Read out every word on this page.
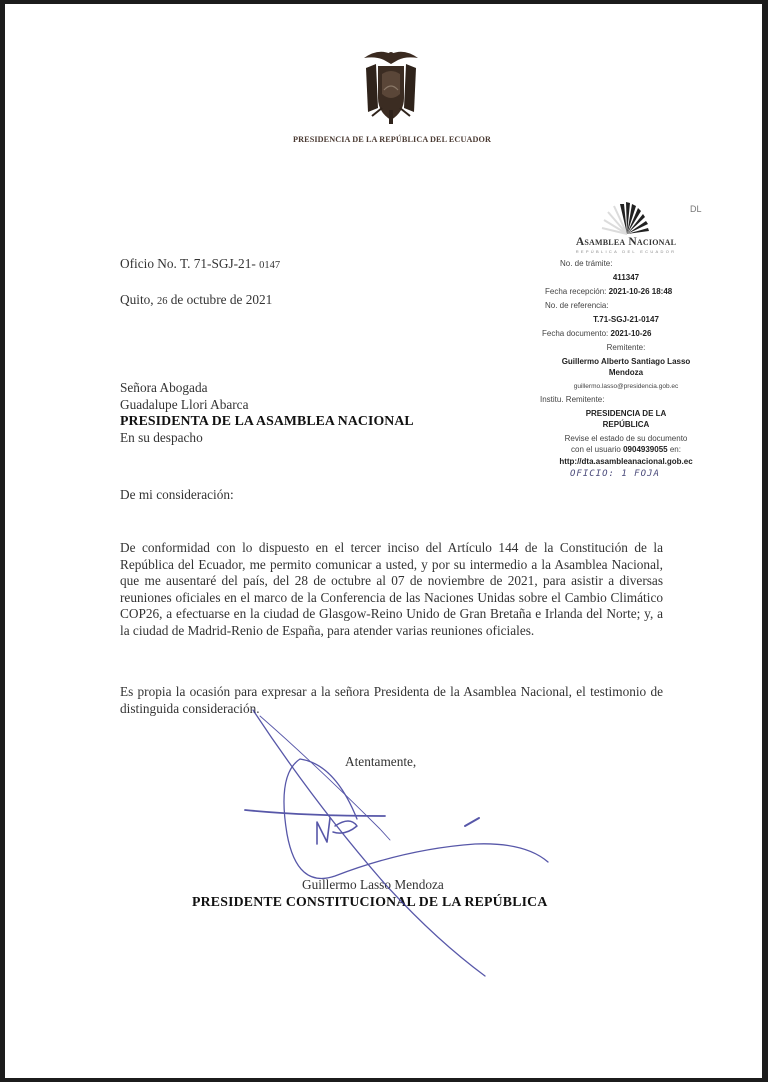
PRESIDENCIA DE LA REPÚBLICA DEL ECUADOR
DL
Asamblea Nacional
REPÚBLICA DEL ECUADOR
No. de trámite:
411347
Fecha recepción: 2021-10-26 18:48
No. de referencia:
T.71-SGJ-21-0147
Fecha documento: 2021-10-26
Remitente:
Guillermo Alberto Santiago Lasso
Mendoza
guillermo.lasso@presidencia.gob.ec
Institu. Remitente:
PRESIDENCIA DE LA
REPÚBLICA
Revise el estado de su documento
con el usuario 0904939055 en:
http://dta.asambleanacional.gob.ec
OFICIO: 1 FOJA
Oficio No. T. 71-SGJ-21- 0147
Quito, 26 de octubre de 2021
Señora Abogada
Guadalupe Llori Abarca
PRESIDENTA DE LA ASAMBLEA NACIONAL
En su despacho
De mi consideración:
De conformidad con lo dispuesto en el tercer inciso del Artículo 144 de la Constitución de la República del Ecuador, me permito comunicar a usted, y por su intermedio a la Asamblea Nacional, que me ausentaré del país, del 28 de octubre al 07 de noviembre de 2021, para asistir a diversas reuniones oficiales en el marco de la Conferencia de las Naciones Unidas sobre el Cambio Climático COP26, a efectuarse en la ciudad de Glasgow-Reino Unido de Gran Bretaña e Irlanda del Norte; y, a la ciudad de Madrid-Renio de España, para atender varias reuniones oficiales.
Es propia la ocasión para expresar a la señora Presidenta de la Asamblea Nacional, el testimonio de distinguida consideración.
Atentamente,
Guillermo Lasso Mendoza
PRESIDENTE CONSTITUCIONAL DE LA REPÚBLICA
